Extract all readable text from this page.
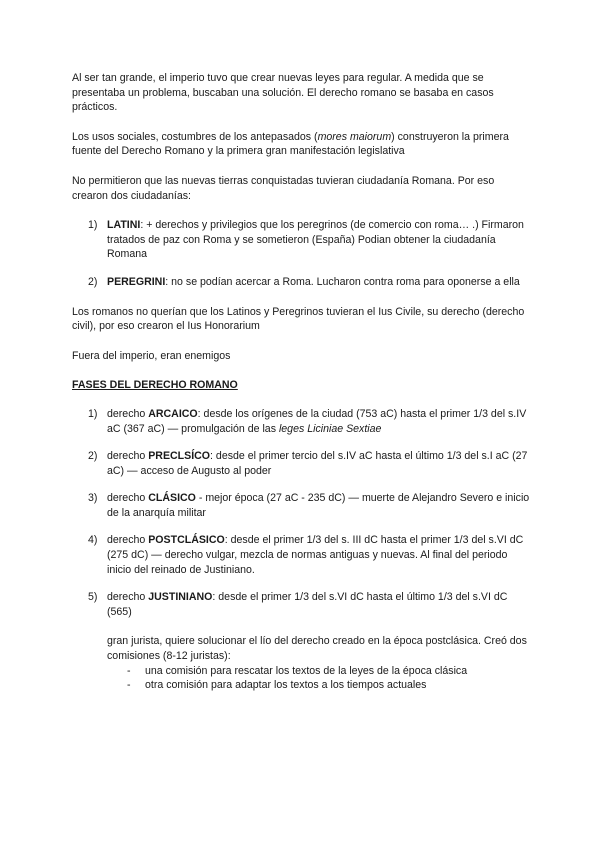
Al ser tan grande, el imperio tuvo que crear nuevas leyes para regular. A medida que se presentaba un problema, buscaban una solución. El derecho romano se basaba en casos prácticos.

Los usos sociales, costumbres de los antepasados (mores maiorum) construyeron la primera fuente del Derecho Romano y la primera gran manifestación legislativa

No permitieron que las nuevas tierras conquistadas tuvieran ciudadanía Romana. Por eso crearon dos ciudadanías:

1) LATINI: + derechos y privilegios que los peregrinos (de comercio con roma… .) Firmaron tratados de paz con Roma y se sometieron (España) Podian obtener la ciudadanía Romana
2) PEREGRINI: no se podían acercar a Roma. Lucharon contra roma para oponerse a ella

Los romanos no querían que los Latinos y Peregrinos tuvieran el Ius Civile, su derecho (derecho civil), por eso crearon el Ius Honorarium

Fuera del imperio, eran enemigos

FASES DEL DERECHO ROMANO

1) derecho ARCAICO: desde los orígenes de la ciudad (753 aC) hasta el primer 1/3 del s.IV aC (367 aC) — promulgación de las leges Liciniae Sextiae
2) derecho PRECLSÍCO: desde el primer tercio del s.IV aC hasta el último 1/3 del s.I aC (27 aC) — acceso de Augusto al poder
3) derecho CLÁSICO - mejor época (27 aC - 235 dC) — muerte de Alejandro Severo e inicio de la anarquía militar
4) derecho POSTCLÁSICO: desde el primer 1/3 del s. III dC hasta el primer 1/3 del s.VI dC (275 dC) — derecho vulgar, mezcla de normas antiguas y nuevas. Al final del periodo inicio del reinado de Justiniano.
5) derecho JUSTINIANO: desde el primer 1/3 del s.VI dC hasta el último 1/3 del s.VI dC (565)

gran jurista, quiere solucionar el lío del derecho creado en la época postclásica. Creó dos comisiones (8-12 juristas):

- una comisión para rescatar los textos de la leyes de la época clásica
- otra comisión para adaptar los textos a los tiempos actuales
